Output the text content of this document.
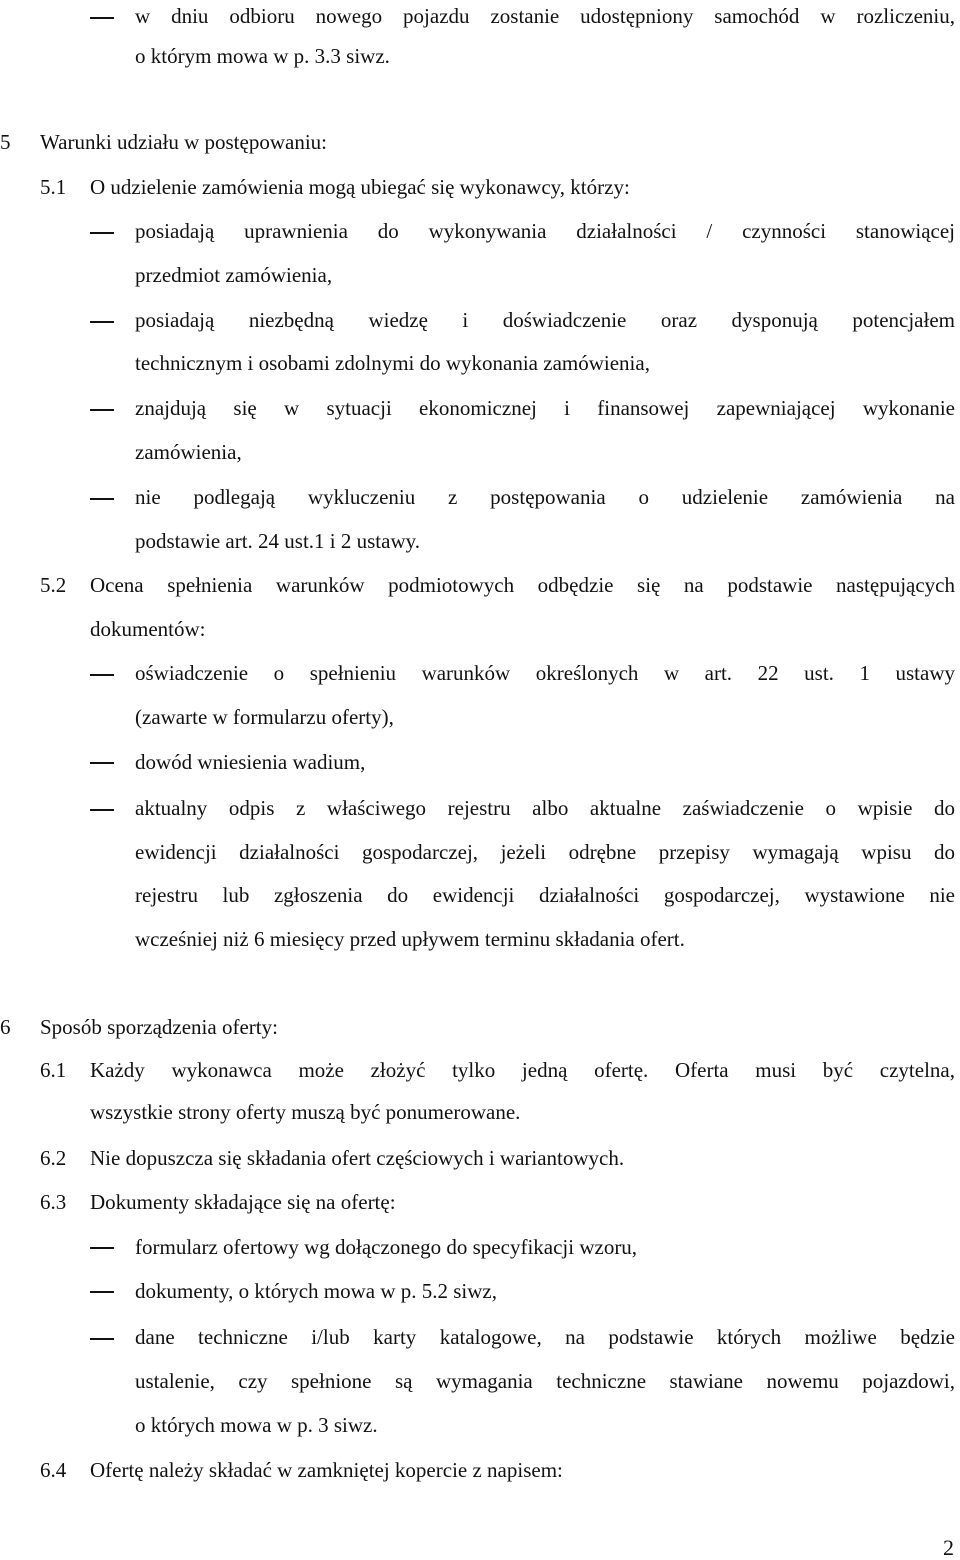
w dniu odbioru nowego pojazdu zostanie udostępniony samochód w rozliczeniu,
o którym mowa w p. 3.3 siwz.
5 Warunki udziału w postępowaniu:
5.1 O udzielenie zamówienia mogą ubiegać się wykonawcy, którzy:
posiadają uprawnienia do wykonywania działalności / czynności stanowiącej
przedmiot zamówienia,
posiadają niezbędną wiedzę i doświadczenie oraz dysponują potencjałem
technicznym i osobami zdolnymi do wykonania zamówienia,
znajdują się w sytuacji ekonomicznej i finansowej zapewniającej wykonanie
zamówienia,
nie podlegają wykluczeniu z postępowania o udzielenie zamówienia na
podstawie art. 24 ust.1 i 2 ustawy.
5.2 Ocena spełnienia warunków podmiotowych odbędzie się na podstawie następujących
dokumentów:
oświadczenie o spełnieniu warunków określonych w art. 22 ust. 1 ustawy
(zawarte w formularzu oferty),
dowód wniesienia wadium,
aktualny odpis z właściwego rejestru albo aktualne zaświadczenie o wpisie do
ewidencji działalności gospodarczej, jeżeli odrębne przepisy wymagają wpisu do
rejestru lub zgłoszenia do ewidencji działalności gospodarczej, wystawione nie
wcześniej niż 6 miesięcy przed upływem terminu składania ofert.
6 Sposób sporządzenia oferty:
6.1 Każdy wykonawca może złożyć tylko jedną ofertę. Oferta musi być czytelna,
wszystkie strony oferty muszą być ponumerowane.
6.2 Nie dopuszcza się składania ofert częściowych i wariantowych.
6.3 Dokumenty składające się na ofertę:
formularz ofertowy wg dołączonego do specyfikacji wzoru,
dokumenty, o których mowa w p. 5.2 siwz,
dane techniczne i/lub karty katalogowe, na podstawie których możliwe będzie
ustalenie, czy spełnione są wymagania techniczne stawiane nowemu pojazdowi,
o których mowa w p. 3 siwz.
6.4 Ofertę należy składać w zamkniętej kopercie z napisem:
2
